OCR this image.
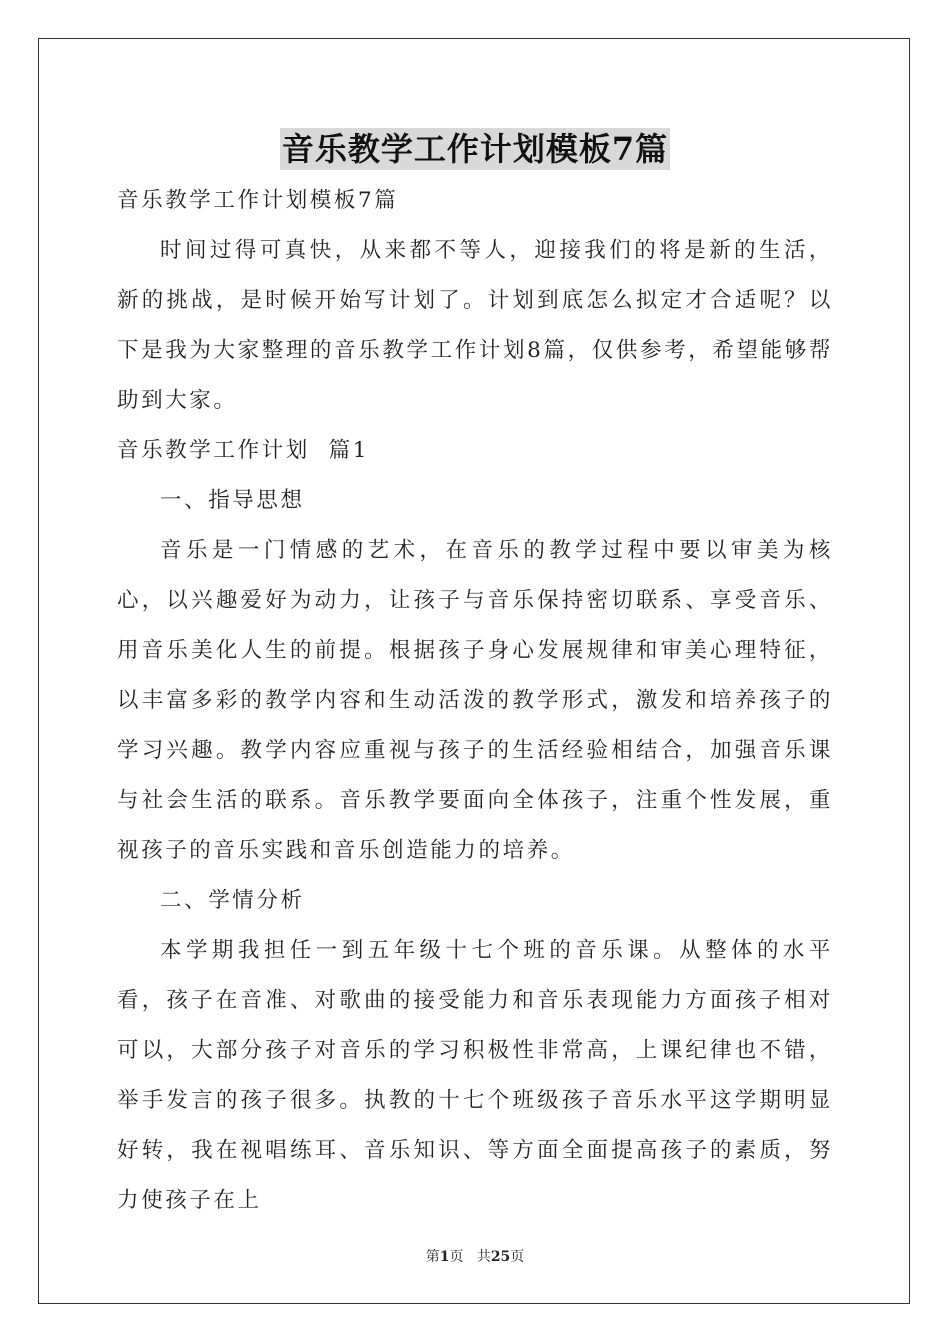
音乐教学工作计划模板7篇

音乐教学工作计划模板7篇

时间过得可真快，从来都不等人，迎接我们的将是新的生活，新的挑战，是时候开始写计划了。计划到底怎么拟定才合适呢？以下是我为大家整理的音乐教学工作计划8篇，仅供参考，希望能够帮助到大家。

音乐教学工作计划  篇1

一、指导思想

音乐是一门情感的艺术，在音乐的教学过程中要以审美为核心，以兴趣爱好为动力，让孩子与音乐保持密切联系、享受音乐、用音乐美化人生的前提。根据孩子身心发展规律和审美心理特征，以丰富多彩的教学内容和生动活泼的教学形式，激发和培养孩子的学习兴趣。教学内容应重视与孩子的生活经验相结合，加强音乐课与社会生活的联系。音乐教学要面向全体孩子，注重个性发展，重视孩子的音乐实践和音乐创造能力的培养。

二、学情分析

本学期我担任一到五年级十七个班的音乐课。从整体的水平看，孩子在音准、对歌曲的接受能力和音乐表现能力方面孩子相对可以，大部分孩子对音乐的学习积极性非常高，上课纪律也不错，举手发言的孩子很多。执教的十七个班级孩子音乐水平这学期明显好转，我在视唱练耳、音乐知识、等方面全面提高孩子的素质，努力使孩子在上

第1页 共25页
